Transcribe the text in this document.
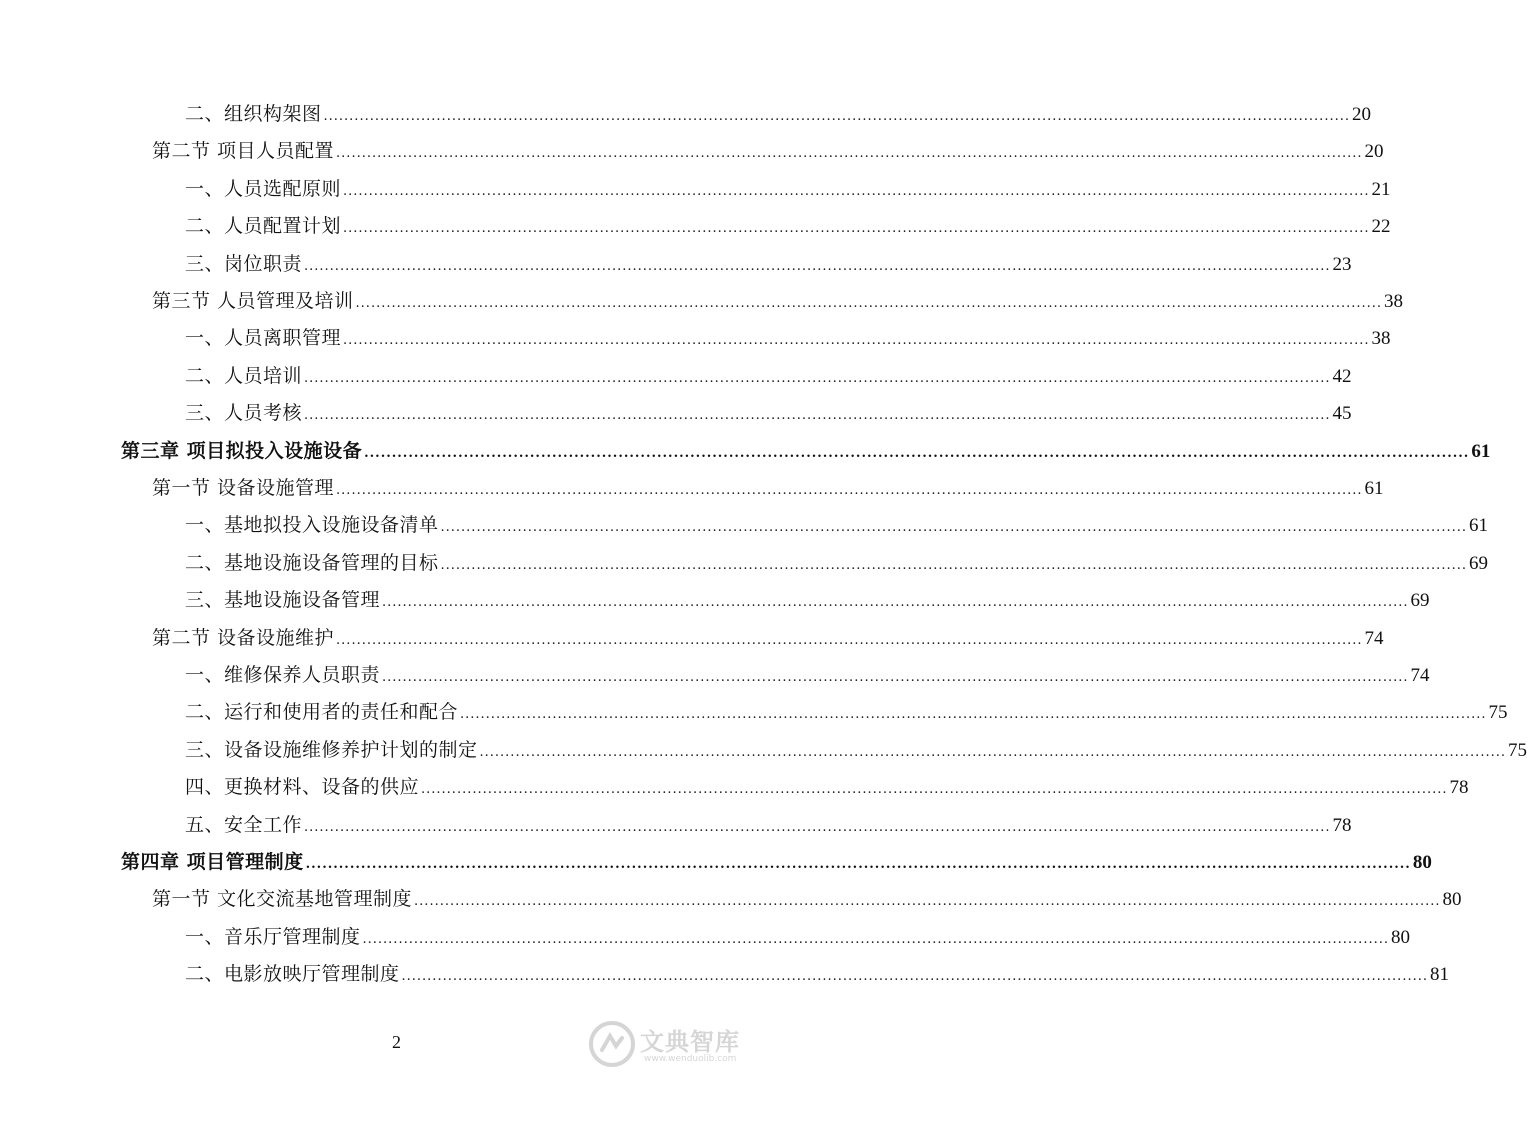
二、组织构架图 ........................................................................................................................................................................................................ 20
第二节 项目人员配置 ........................................................................................................................................................................................................ 20
一、人员选配原则 ........................................................................................................................................................................................................ 21
二、人员配置计划 ........................................................................................................................................................................................................ 22
三、岗位职责 ........................................................................................................................................................................................................ 23
第三节 人员管理及培训 ........................................................................................................................................................................................................ 38
一、人员离职管理 ........................................................................................................................................................................................................ 38
二、人员培训 ........................................................................................................................................................................................................ 42
三、人员考核 ........................................................................................................................................................................................................ 45
第三章 项目拟投入设施设备 ........................................................................................................................................................................................................ 61
第一节 设备设施管理 ........................................................................................................................................................................................................ 61
一、基地拟投入设施设备清单 ........................................................................................................................................................................................................ 61
二、基地设施设备管理的目标 ........................................................................................................................................................................................................ 69
三、基地设施设备管理 ........................................................................................................................................................................................................ 69
第二节 设备设施维护 ........................................................................................................................................................................................................ 74
一、维修保养人员职责 ........................................................................................................................................................................................................ 74
二、运行和使用者的责任和配合 ........................................................................................................................................................................................................ 75
三、设备设施维修养护计划的制定 ........................................................................................................................................................................................................ 75
四、更换材料、设备的供应 ........................................................................................................................................................................................................ 78
五、安全工作 ........................................................................................................................................................................................................ 78
第四章 项目管理制度 ........................................................................................................................................................................................................ 80
第一节 文化交流基地管理制度 ........................................................................................................................................................................................................ 80
一、音乐厅管理制度 ........................................................................................................................................................................................................ 80
二、电影放映厅管理制度 ........................................................................................................................................................................................................ 81
2	文典智库
www.wenduolib.com
